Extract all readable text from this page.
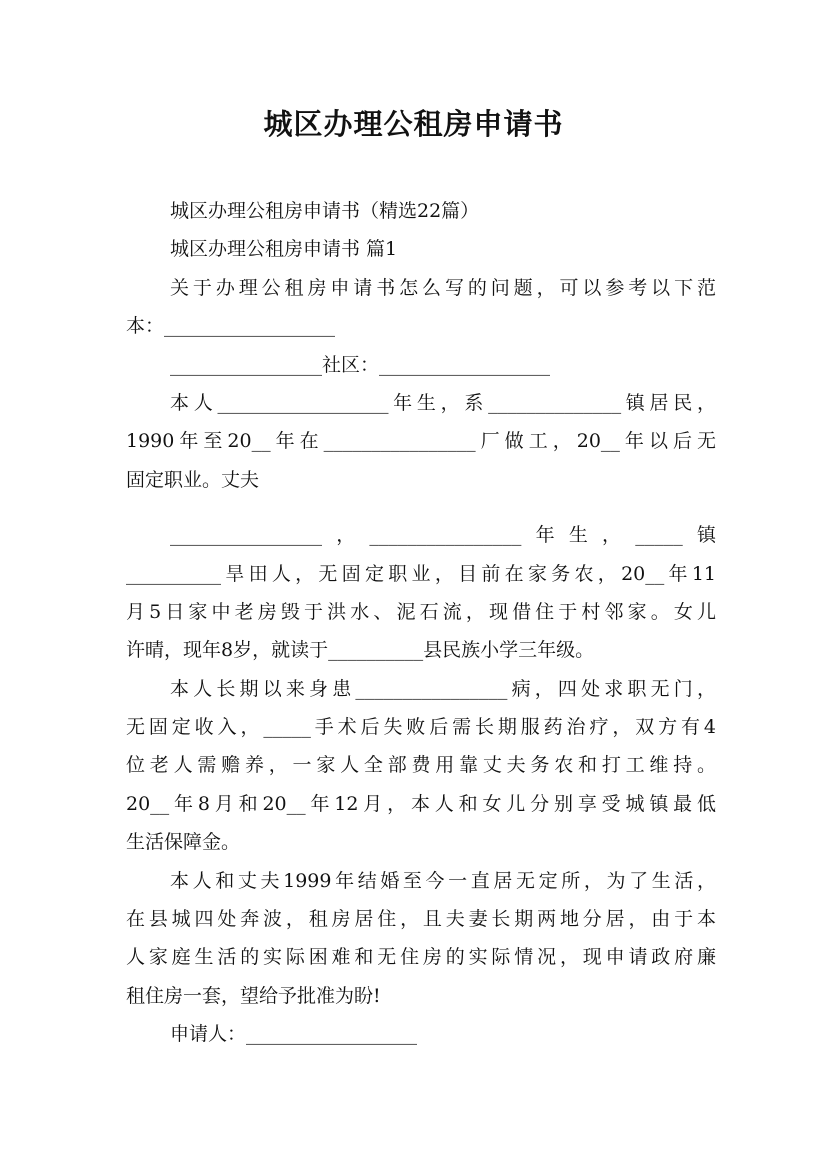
城区办理公租房申请书
城区办理公租房申请书（精选22篇）
城区办理公租房申请书 篇1
关于办理公租房申请书怎么写的问题，可以参考以下范
本：__________________
________________社区：__________________
本人__________________年生，系______________镇居民，
1990年至20__年在________________厂做工，20__年以后无
固定职业。丈夫
________________，________________年生，_____镇
__________旱田人，无固定职业，目前在家务农，20__年11
月5日家中老房毁于洪水、泥石流，现借住于村邻家。女儿
许晴，现年8岁，就读于__________县民族小学三年级。
本人长期以来身患________________病，四处求职无门，
无固定收入，_____手术后失败后需长期服药治疗，双方有4
位老人需赡养，一家人全部费用靠丈夫务农和打工维持。
20__年8月和20__年12月，本人和女儿分别享受城镇最低
生活保障金。
本人和丈夫1999年结婚至今一直居无定所，为了生活，
在县城四处奔波，租房居住，且夫妻长期两地分居，由于本
人家庭生活的实际困难和无住房的实际情况，现申请政府廉
租住房一套，望给予批准为盼!
申请人：__________________
